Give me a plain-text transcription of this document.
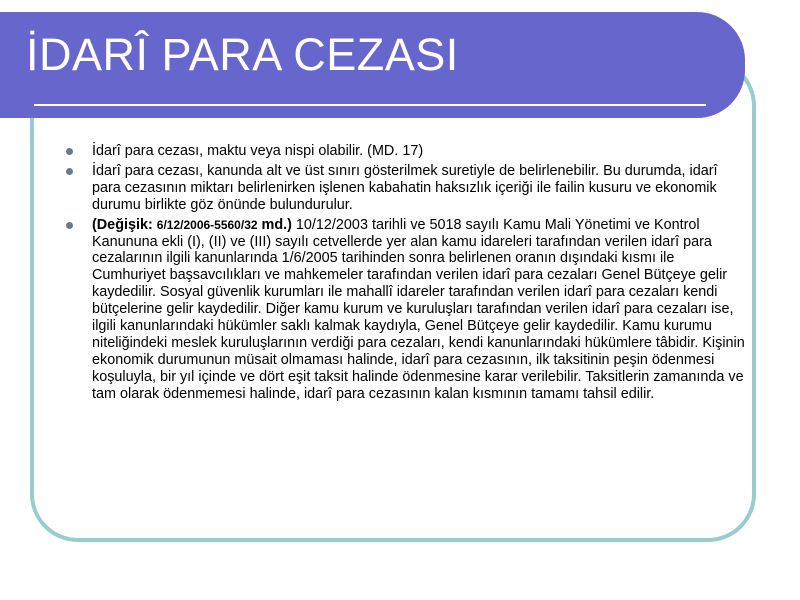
İDARÎ PARA CEZASI
İdarî para cezası, maktu veya nispi olabilir. (MD. 17)
İdarî para cezası, kanunda alt ve üst sınırı gösterilmek suretiyle de belirlenebilir. Bu durumda, idarî para cezasının miktarı belirlenirken işlenen kabahatin haksızlık içeriği ile failin kusuru ve ekonomik durumu birlikte göz önünde bulundurulur.
(Değişik: 6/12/2006-5560/32 md.) 10/12/2003 tarihli ve 5018 sayılı Kamu Mali Yönetimi ve Kontrol Kanununa ekli (I), (II) ve (III) sayılı cetvellerde yer alan kamu idareleri tarafından verilen idarî para cezalarının ilgili kanunlarında 1/6/2005 tarihinden sonra belirlenen oranın dışındaki kısmı ile Cumhuriyet başsavcılıkları ve mahkemeler tarafından verilen idarî para cezaları Genel Bütçeye gelir kaydedilir. Sosyal güvenlik kurumları ile mahallî idareler tarafından verilen idarî para cezaları kendi bütçelerine gelir kaydedilir. Diğer kamu kurum ve kuruluşları tarafından verilen idarî para cezaları ise, ilgili kanunlarındaki hükümler saklı kalmak kaydıyla, Genel Bütçeye gelir kaydedilir. Kamu kurumu niteliğindeki meslek kuruluşlarının verdiği para cezaları, kendi kanunlarındaki hükümlere tâbidir. Kişinin ekonomik durumunun müsait olmaması halinde, idarî para cezasının, ilk taksitinin peşin ödenmesi koşuluyla, bir yıl içinde ve dört eşit taksit halinde ödenmesine karar verilebilir. Taksitlerin zamanında ve tam olarak ödenmemesi halinde, idarî para cezasının kalan kısmının tamamı tahsil edilir.
